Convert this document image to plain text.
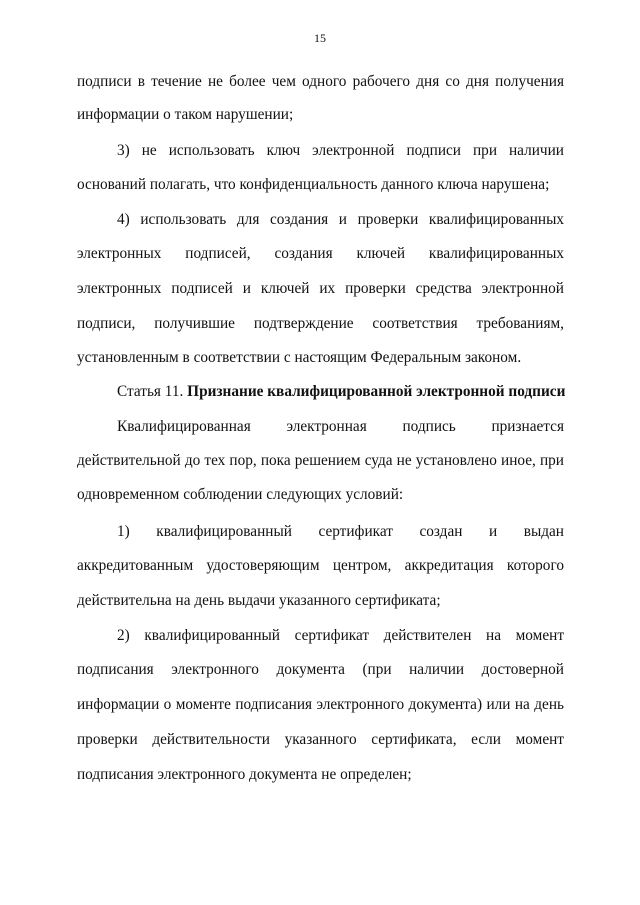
15
подписи в течение не более чем одного рабочего дня со дня получения
информации о таком нарушении;
3) не использовать ключ электронной подписи при наличии
оснований полагать, что конфиденциальность данного ключа нарушена;
4) использовать для создания и проверки квалифицированных
электронных подписей, создания ключей квалифицированных
электронных подписей и ключей их проверки средства электронной
подписи, получившие подтверждение соответствия требованиям,
установленным в соответствии с настоящим Федеральным законом.
Статья 11. Признание квалифицированной электронной подписи
Квалифицированная электронная подпись признается
действительной до тех пор, пока решением суда не установлено иное, при
одновременном соблюдении следующих условий:
1) квалифицированный сертификат создан и выдан
аккредитованным удостоверяющим центром, аккредитация которого
действительна на день выдачи указанного сертификата;
2) квалифицированный сертификат действителен на момент
подписания электронного документа (при наличии достоверной
информации о моменте подписания электронного документа) или на день
проверки действительности указанного сертификата, если момент
подписания электронного документа не определен;
